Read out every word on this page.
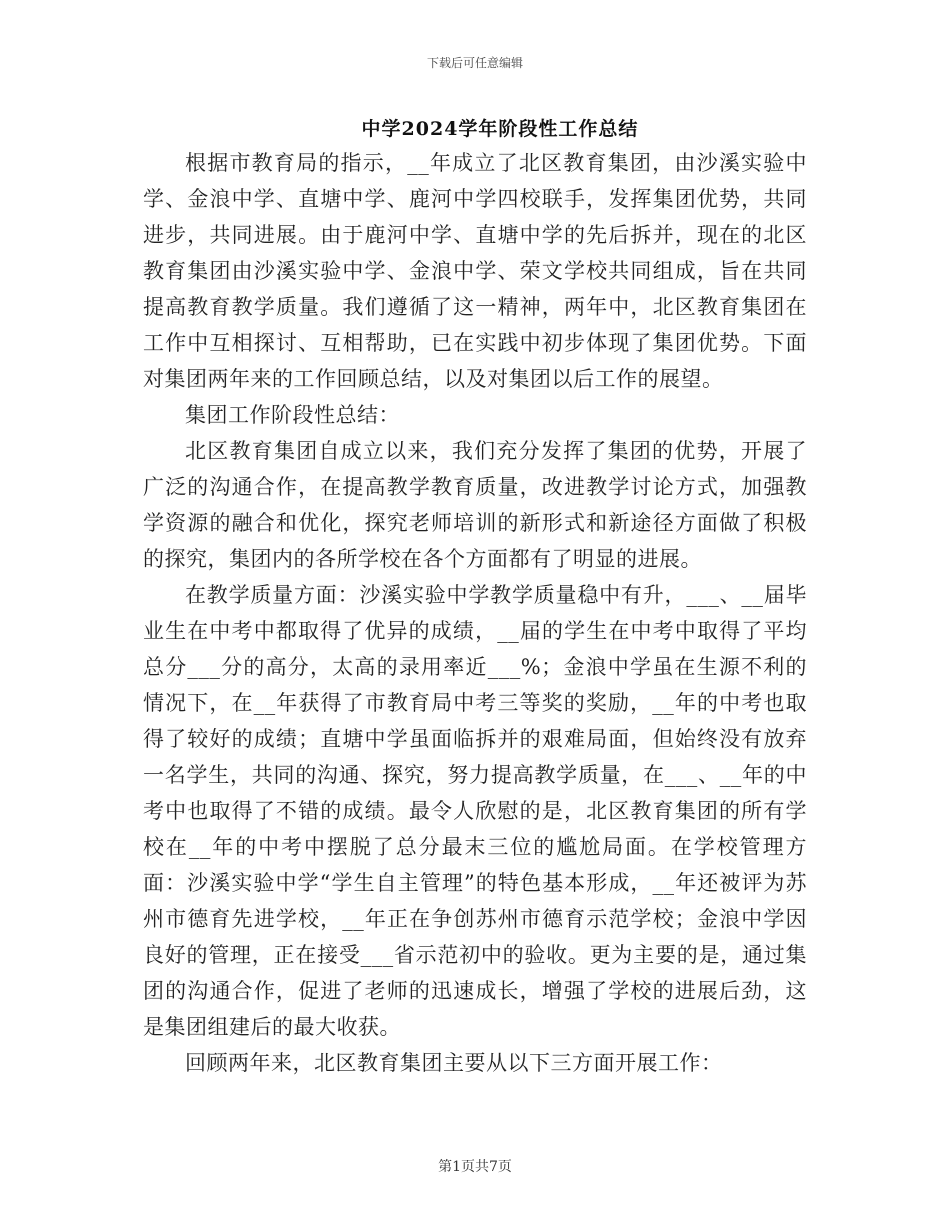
下载后可任意编辑
中学2024学年阶段性工作总结

根据市教育局的指示，__年成立了北区教育集团，由沙溪实验中学、金浪中学、直塘中学、鹿河中学四校联手，发挥集团优势，共同进步，共同进展。由于鹿河中学、直塘中学的先后拆并，现在的北区教育集团由沙溪实验中学、金浪中学、荣文学校共同组成，旨在共同提高教育教学质量。我们遵循了这一精神，两年中，北区教育集团在工作中互相探讨、互相帮助，已在实践中初步体现了集团优势。下面对集团两年来的工作回顾总结，以及对集团以后工作的展望。

集团工作阶段性总结：

北区教育集团自成立以来，我们充分发挥了集团的优势，开展了广泛的沟通合作，在提高教学教育质量，改进教学讨论方式，加强教学资源的融合和优化，探究老师培训的新形式和新途径方面做了积极的探究，集团内的各所学校在各个方面都有了明显的进展。

在教学质量方面：沙溪实验中学教学质量稳中有升，___、__届毕业生在中考中都取得了优异的成绩，__届的学生在中考中取得了平均总分___分的高分，太高的录用率近___%；金浪中学虽在生源不利的情况下，在__年获得了市教育局中考三等奖的奖励，__年的中考也取得了较好的成绩；直塘中学虽面临拆并的艰难局面，但始终没有放弃一名学生，共同的沟通、探究，努力提高教学质量，在___、__年的中考中也取得了不错的成绩。最令人欣慰的是，北区教育集团的所有学校在__年的中考中摆脱了总分最末三位的尴尬局面。在学校管理方面：沙溪实验中学“学生自主管理”的特色基本形成，__年还被评为苏州市德育先进学校，__年正在争创苏州市德育示范学校；金浪中学因良好的管理，正在接受___省示范初中的验收。更为主要的是，通过集团的沟通合作，促进了老师的迅速成长，增强了学校的进展后劲，这是集团组建后的最大收获。

回顾两年来，北区教育集团主要从以下三方面开展工作：

第1页共7页
